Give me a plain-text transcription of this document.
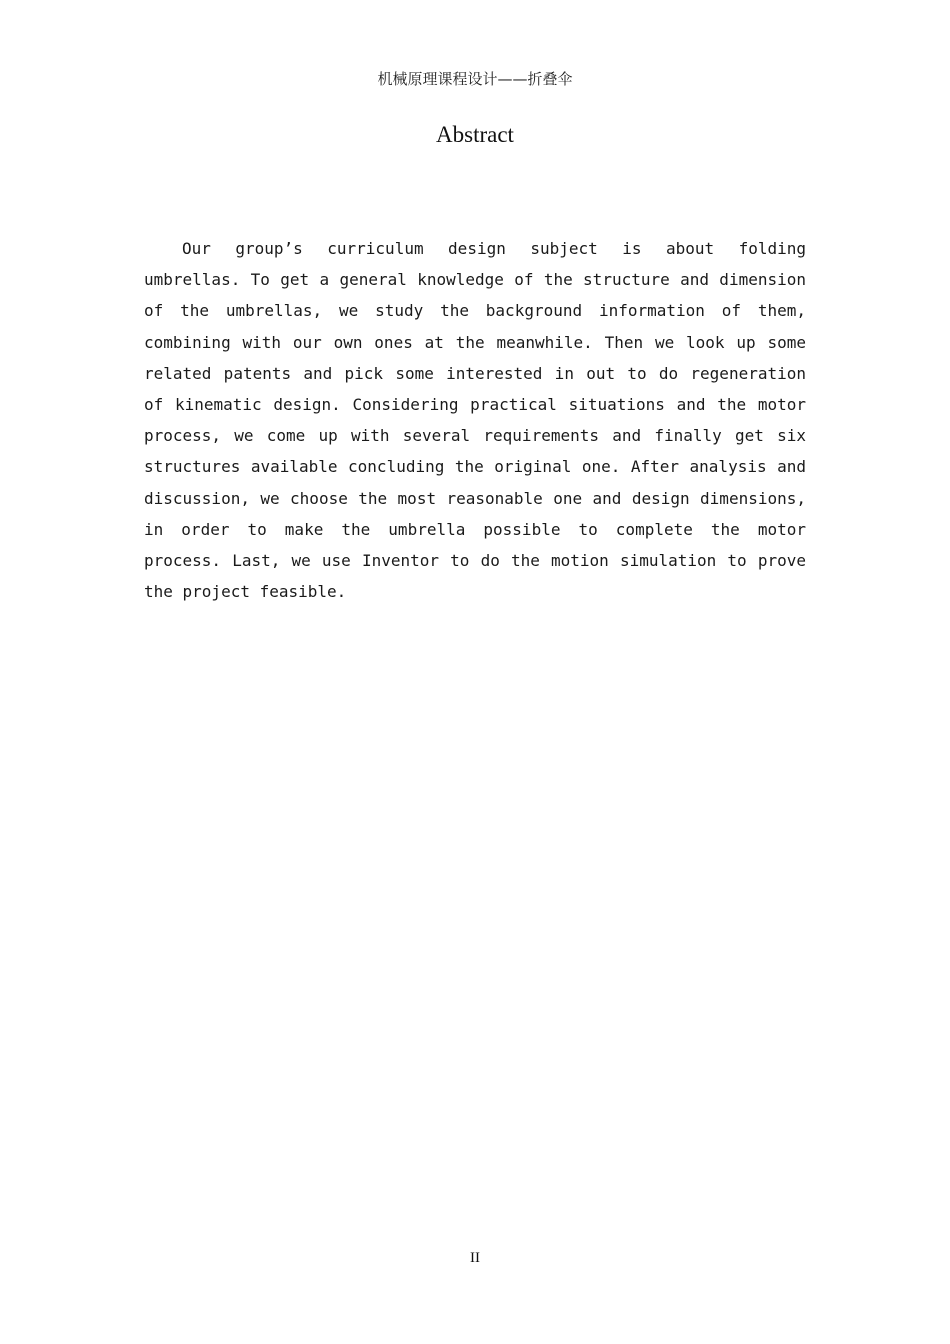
机械原理课程设计——折叠伞
Abstract

Our group’s curriculum design subject is about folding umbrellas. To get a general knowledge of the structure and dimension of the umbrellas, we study the background information of them, combining with our own ones at the meanwhile. Then we look up some related patents and pick some interested in out to do regeneration of kinematic design. Considering practical situations and the motor process, we come up with several requirements and finally get six structures available concluding the original one. After analysis and discussion, we choose the most reasonable one and design dimensions, in order to make the umbrella possible to complete the motor process. Last, we use Inventor to do the motion simulation to prove the project feasible.

II
